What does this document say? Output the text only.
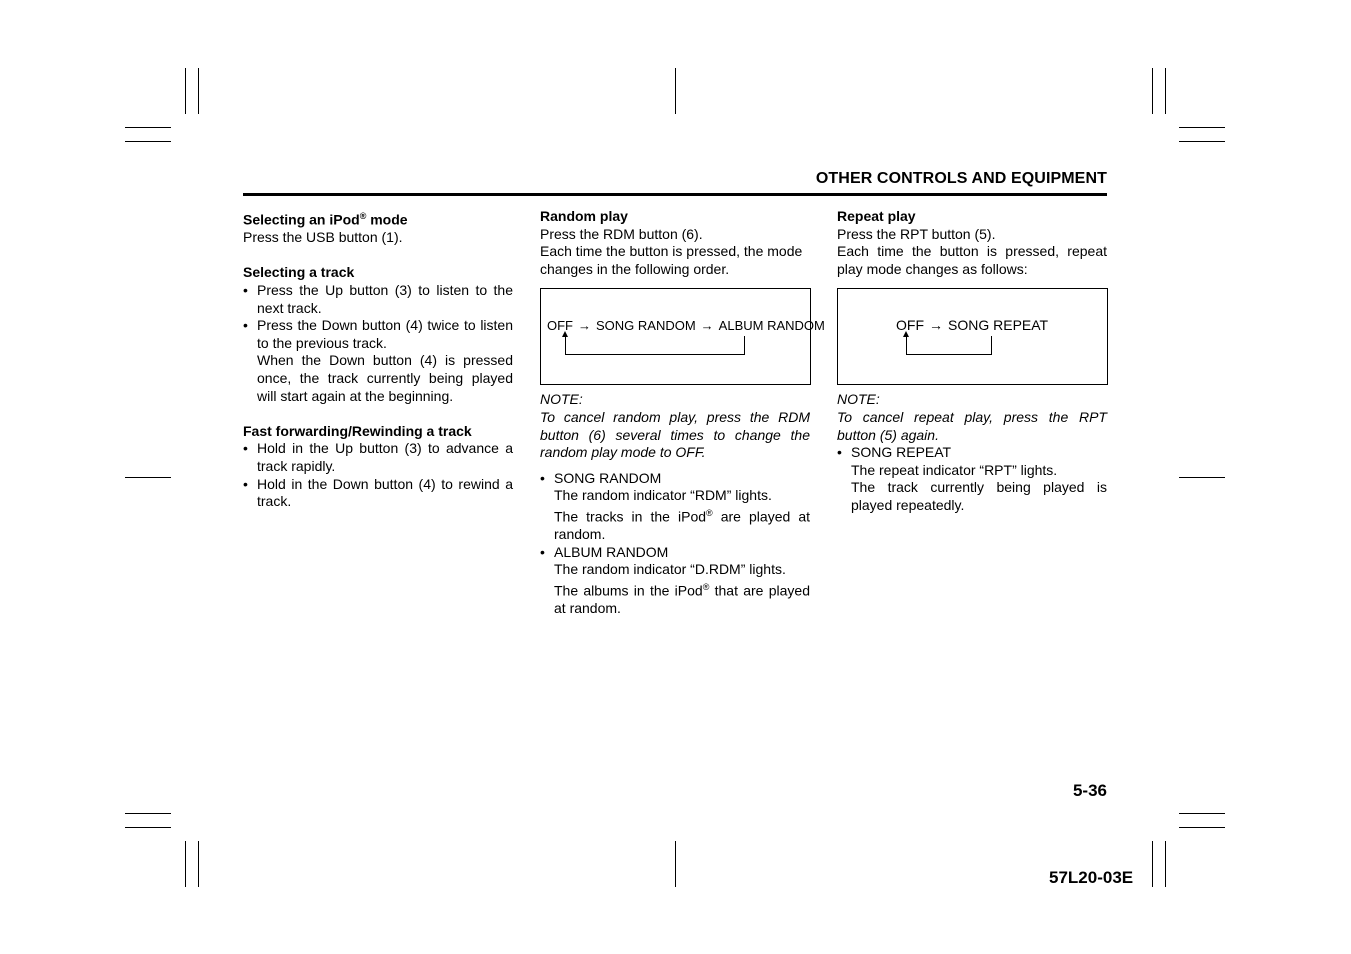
OTHER CONTROLS AND EQUIPMENT
Selecting an iPod® mode

Press the USB button (1).

Selecting a track
• Press the Up button (3) to listen to the next track.
• Press the Down button (4) twice to listen to the previous track.
When the Down button (4) is pressed once, the track currently being played will start again at the beginning.
Fast forwarding/Rewinding a track
• Hold in the Up button (3) to advance a track rapidly.
• Hold in the Down button (4) to rewind a track.
Random play

Press the RDM button (6).

Each time the button is pressed, the mode changes in the following order.

OFF → SONG RANDOM → ALBUM RANDOM

NOTE:

To cancel random play, press the RDM button (6) several times to change the random play mode to OFF.

• SONG RANDOM
The random indicator “RDM” lights.
The tracks in the iPod® are played at random.
• ALBUM RANDOM
The random indicator “D.RDM” lights.
The albums in the iPod® that are played at random.
Repeat play

Press the RPT button (5).

Each time the button is pressed, repeat play mode changes as follows:

OFF → SONG REPEAT

NOTE:

To cancel repeat play, press the RPT button (5) again.

• SONG REPEAT
The repeat indicator “RPT” lights.
The track currently being played is played repeatedly.
5-36
57L20-03E
